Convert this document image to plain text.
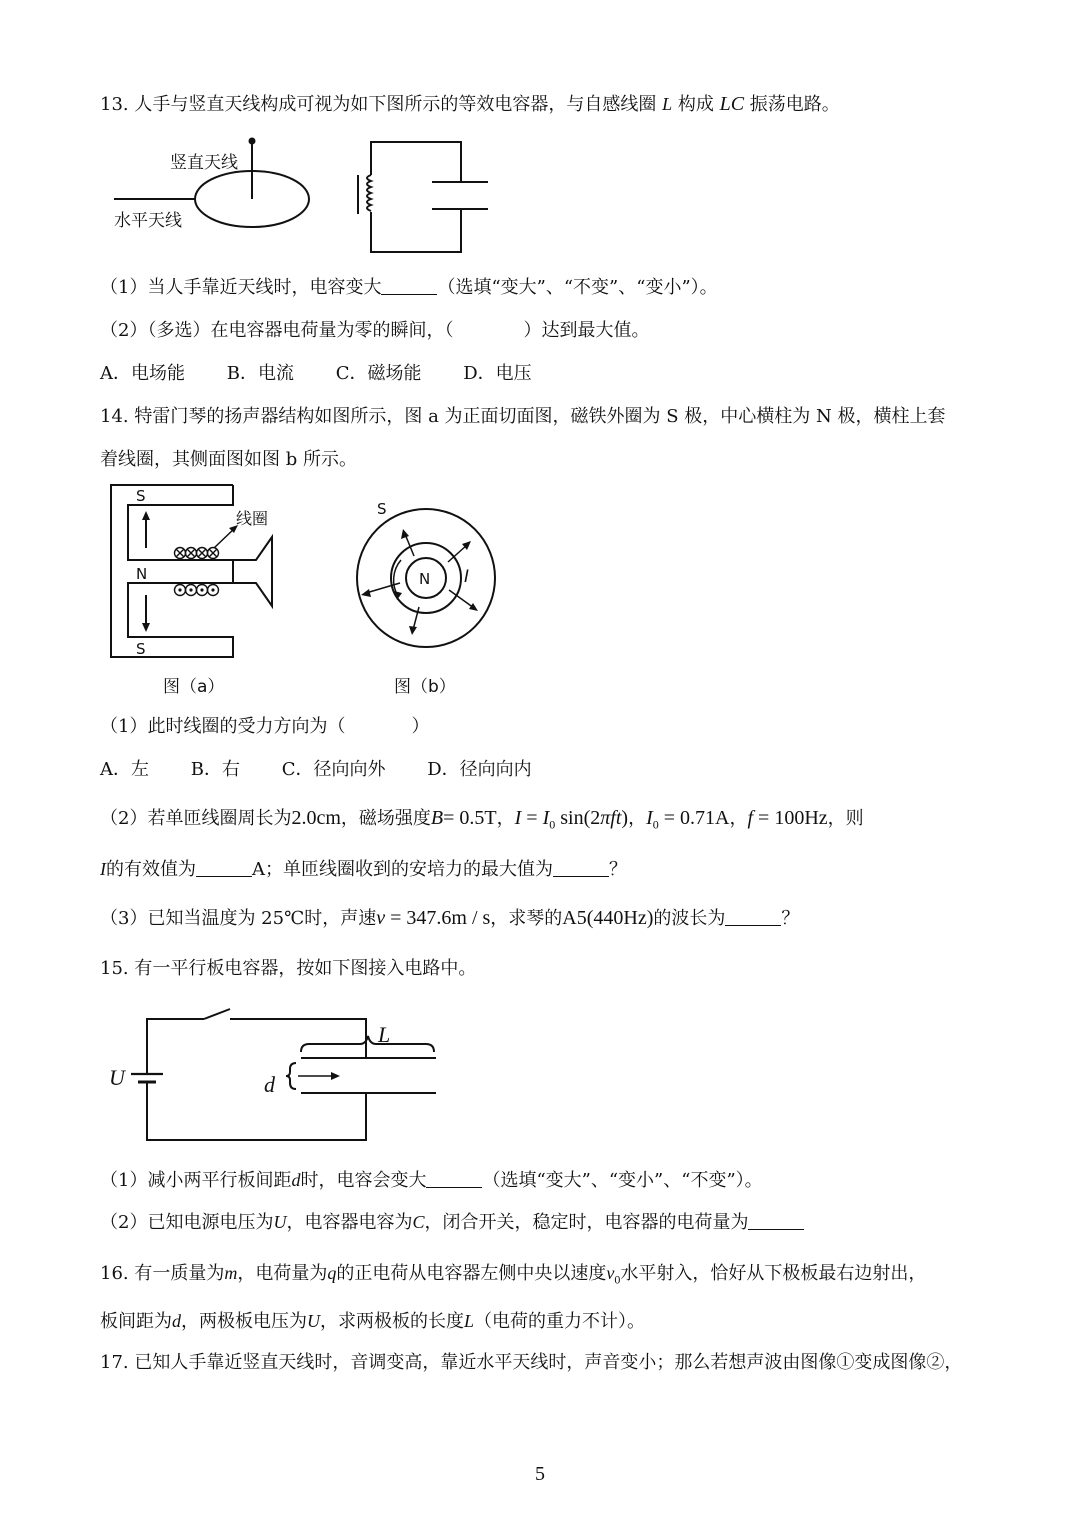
13. 人手与竖直天线构成可视为如下图所示的等效电容器，与自感线圈 L 构成 LC 振荡电路。
竖直天线
水平天线
（1）当人手靠近天线时，电容变大	（选填“变大”、“不变”、“变小”）。
（2）（多选）在电容器电荷量为零的瞬间，（	）达到最大值。
A．电场能 B．电流 C．磁场能 D．电压
14. 特雷门琴的扬声器结构如图所示，图 a 为正面切面图，磁铁外圈为 S 极，中心横柱为 N 极，横柱上套
着线圈，其侧面图如图 b 所示。
S
N
S
线圈
图（a）
S
N I
图（b）
（1）此时线圈的受力方向为（	）
A．左 B．右 C．径向向外 D．径向向内
（2）若单匝线圈周长为2.0cm，磁场强度B= 0.5T，$I = I_0$ sin(2πft)，$I_0 = 0.71A$，f = 100Hz，则
I的有效值为	A；单匝线圈收到的安培力的最大值为	？
（3）已知当温度为 25℃时，声速v = 347.6m / s，求琴的A5(440Hz)的波长为	？
15. 有一平行板电容器，按如下图接入电路中。
U	d
L
（1）减小两平行板间距d时，电容会变大	（选填“变大”、“变小”、“不变”）。
（2）已知电源电压为U，电容器电容为C，闭合开关，稳定时，电容器的电荷量为
16. 有一质量为m，电荷量为q的正电荷从电容器左侧中央以速度$v_0$水平射入，恰好从下极板最右边射出，
板间距为d，两极板电压为U，求两极板的长度L（电荷的重力不计）。
17. 已知人手靠近竖直天线时，音调变高，靠近水平天线时，声音变小；那么若想声波由图像①变成图像②，
5
